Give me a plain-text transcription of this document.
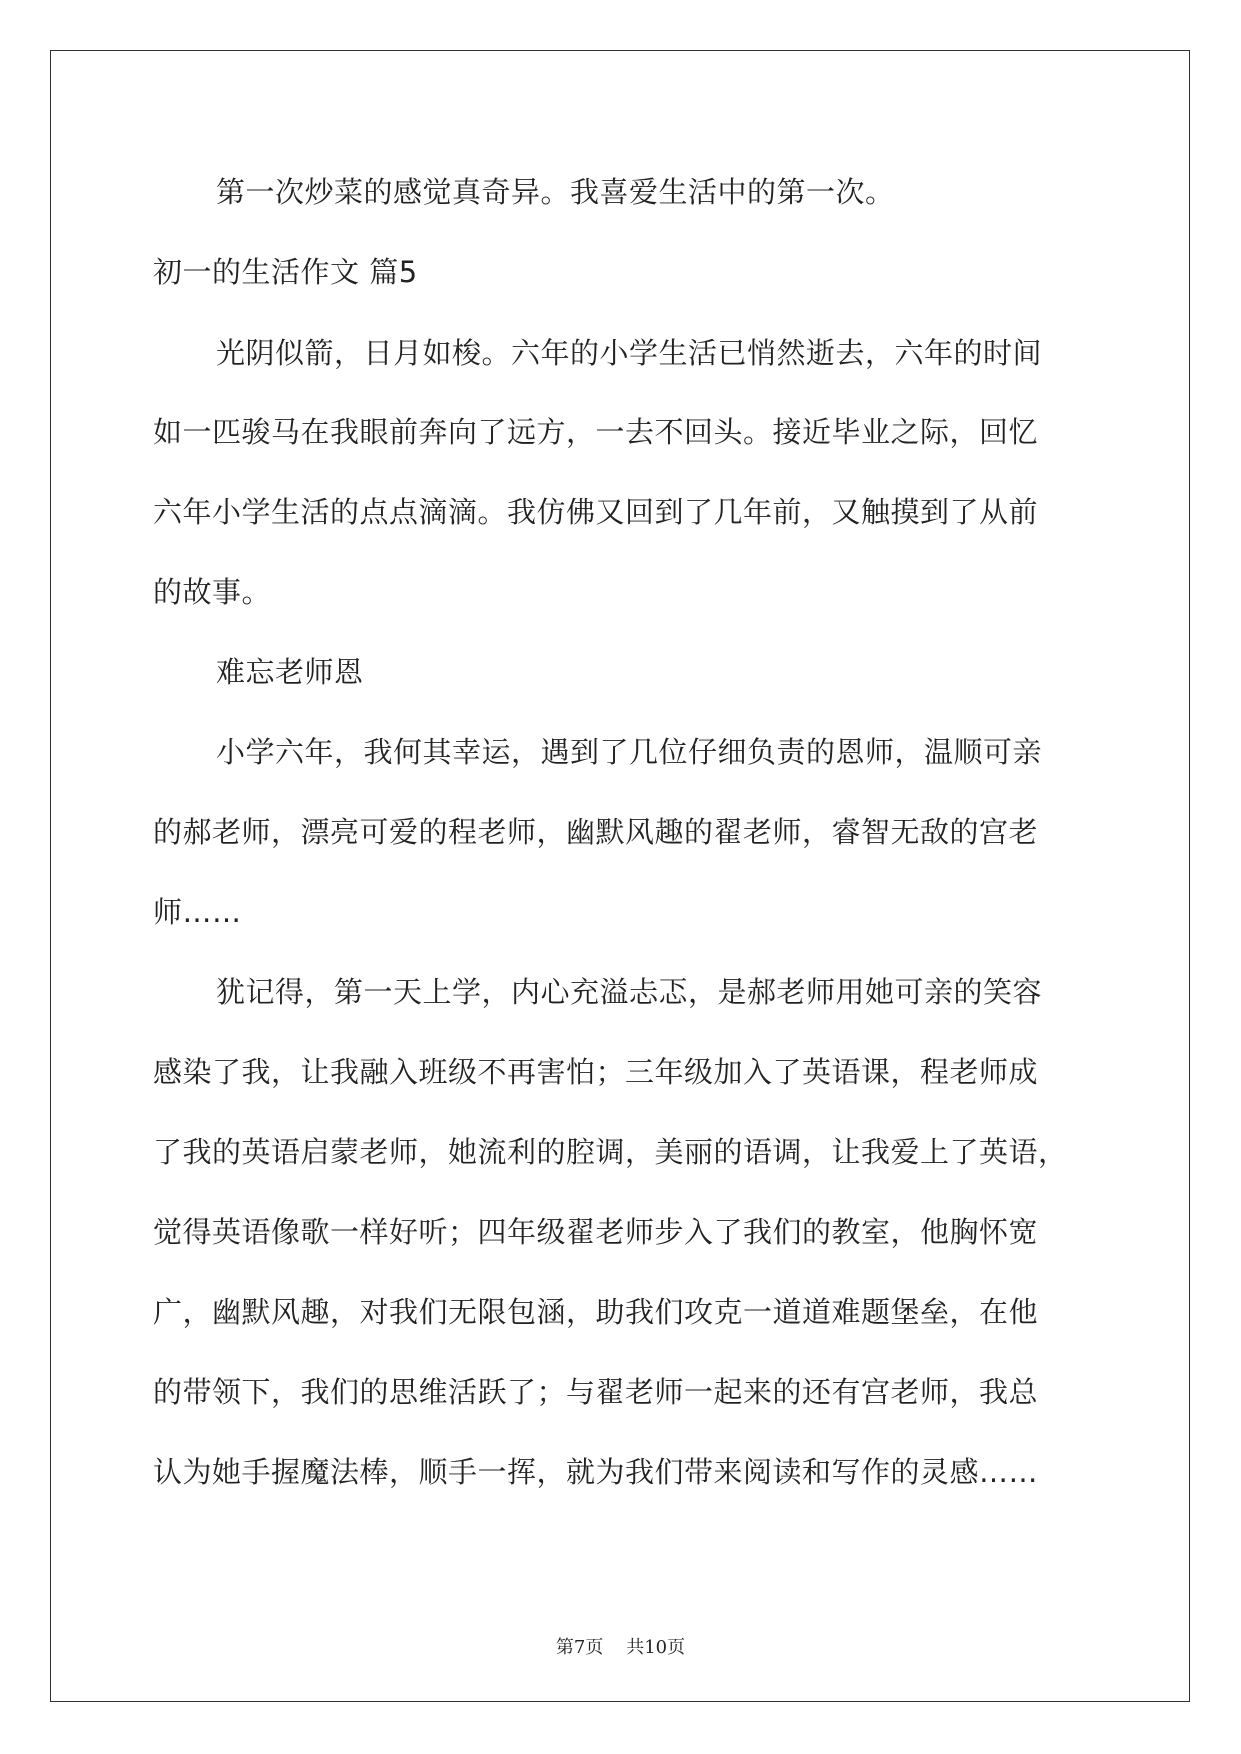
第一次炒菜的感觉真奇异。我喜爱生活中的第一次。
初一的生活作文 篇5
光阴似箭，日月如梭。六年的小学生活已悄然逝去，六年的时间
如一匹骏马在我眼前奔向了远方，一去不回头。接近毕业之际，回忆
六年小学生活的点点滴滴。我仿佛又回到了几年前，又触摸到了从前
的故事。
难忘老师恩
小学六年，我何其幸运，遇到了几位仔细负责的恩师，温顺可亲
的郝老师，漂亮可爱的程老师，幽默风趣的翟老师，睿智无敌的宫老
师……
犹记得，第一天上学，内心充溢忐忑，是郝老师用她可亲的笑容
感染了我，让我融入班级不再害怕；三年级加入了英语课，程老师成
了我的英语启蒙老师，她流利的腔调，美丽的语调，让我爱上了英语，
觉得英语像歌一样好听；四年级翟老师步入了我们的教室，他胸怀宽
广，幽默风趣，对我们无限包涵，助我们攻克一道道难题堡垒，在他
的带领下，我们的思维活跃了；与翟老师一起来的还有宫老师，我总
认为她手握魔法棒，顺手一挥，就为我们带来阅读和写作的灵感……
第7页 共10页
